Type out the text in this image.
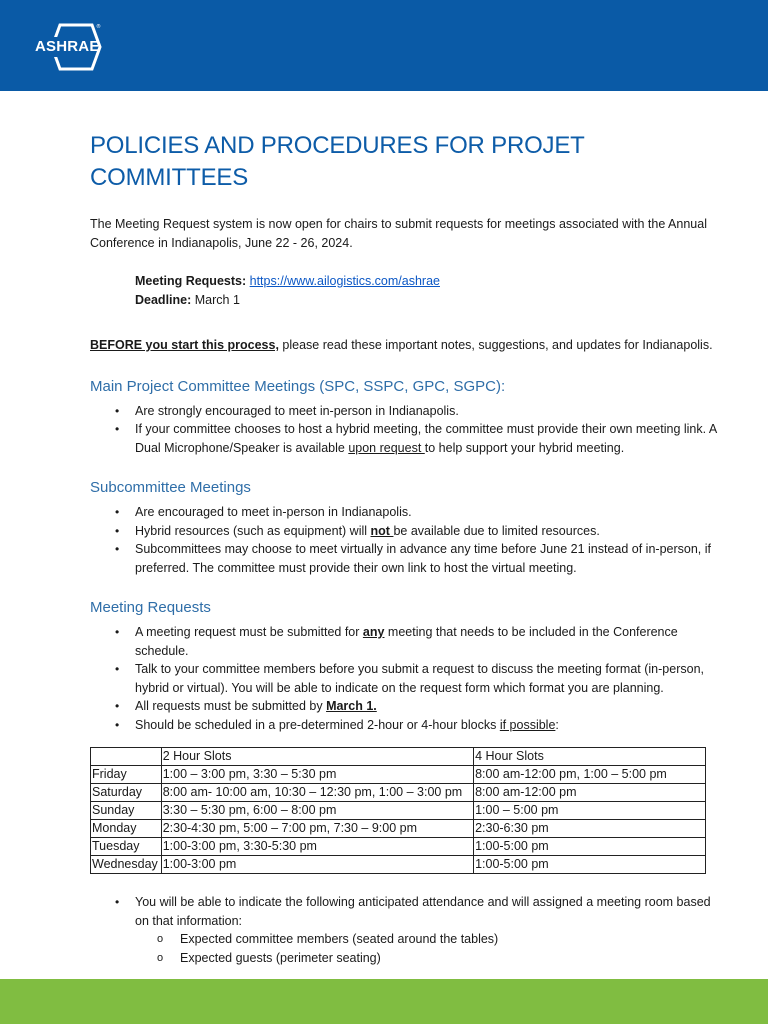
®
ASHRAE
POLICIES AND PROCEDURES FOR PROJET COMMITTEES

The Meeting Request system is now open for chairs to submit requests for meetings associated with the Annual Conference in Indianapolis, June 22 - 26, 2024.

Meeting Requests: https://www.ailogistics.com/ashrae
Deadline: March 1

BEFORE you start this process, please read these important notes, suggestions, and updates for Indianapolis.

Main Project Committee Meetings (SPC, SSPC, GPC, SGPC):
• Are strongly encouraged to meet in-person in Indianapolis.
• If your committee chooses to host a hybrid meeting, the committee must provide their own meeting link. A Dual Microphone/Speaker is available upon request to help support your hybrid meeting.
Subcommittee Meetings
• Are encouraged to meet in-person in Indianapolis.
• Hybrid resources (such as equipment) will not be available due to limited resources.
• Subcommittees may choose to meet virtually in advance any time before June 21 instead of in-person, if preferred. The committee must provide their own link to host the virtual meeting.
Meeting Requests
• A meeting request must be submitted for any meeting that needs to be included in the Conference schedule.
• Talk to your committee members before you submit a request to discuss the meeting format (in-person, hybrid or virtual). You will be able to indicate on the request form which format you are planning.
• All requests must be submitted by March 1.
• Should be scheduled in a pre-determined 2-hour or 4-hour blocks if possible:
	2 Hour Slots	4 Hour Slots
Friday	1:00 – 3:00 pm, 3:30 – 5:30 pm	8:00 am-12:00 pm, 1:00 – 5:00 pm
Saturday	8:00 am- 10:00 am, 10:30 – 12:30 pm, 1:00 – 3:00 pm	8:00 am-12:00 pm
Sunday	3:30 – 5:30 pm, 6:00 – 8:00 pm	1:00 – 5:00 pm
Monday	2:30-4:30 pm, 5:00 – 7:00 pm, 7:30 – 9:00 pm	2:30-6:30 pm
Tuesday	1:00-3:00 pm, 3:30-5:30 pm	1:00-5:00 pm
Wednesday	1:00-3:00 pm	1:00-5:00 pm
• You will be able to indicate the following anticipated attendance and will assigned a meeting room based on that information:
o Expected committee members (seated around the tables)
o Expected guests (perimeter seating)
